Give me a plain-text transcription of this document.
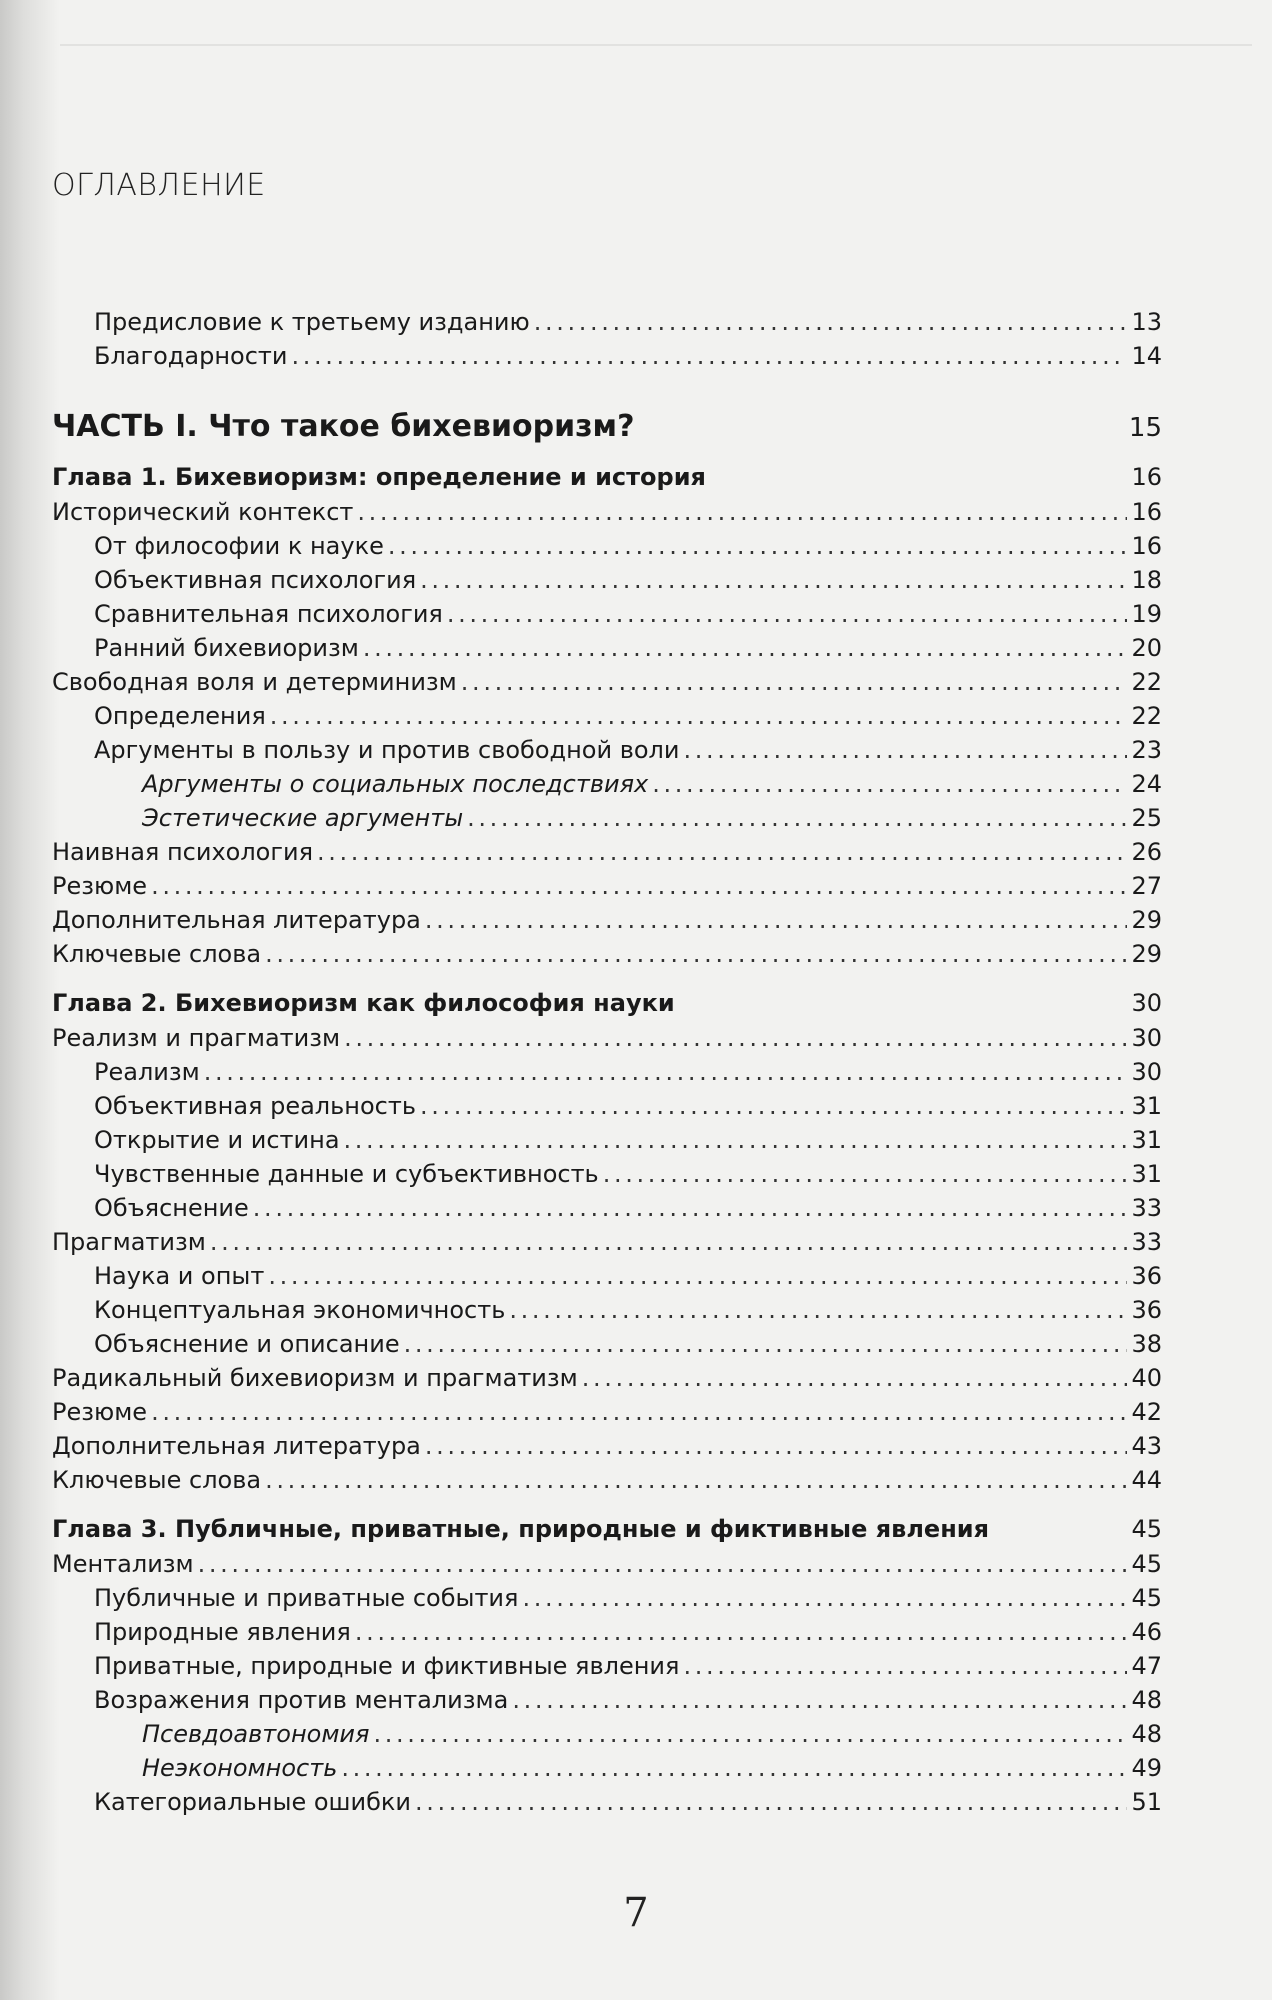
ОГЛАВЛЕНИЕ
Предисловие к третьему изданию . . .	13
Благодарности . . .	14
ЧАСТЬ I. Что такое бихевиоризм?	15
Глава 1. Бихевиоризм: определение и история	16
Исторический контекст . . .	16
От философии к науке . . .	16
Объективная психология . . .	18
Сравнительная психология . . .	19
Ранний бихевиоризм . . .	20
Свободная воля и детерминизм . . .	22
Определения . . .	22
Аргументы в пользу и против свободной воли . . .	23
Аргументы о социальных последствиях . . .	24
Эстетические аргументы . . .	25
Наивная психология . . .	26
Резюме . . .	27
Дополнительная литература . . .	29
Ключевые слова . . .	29
Глава 2. Бихевиоризм как философия науки	30
Реализм и прагматизм . . .	30
Реализм . . .	30
Объективная реальность . . .	31
Открытие и истина . . .	31
Чувственные данные и субъективность . . .	31
Объяснение . . .	33
Прагматизм . . .	33
Наука и опыт . . .	36
Концептуальная экономичность . . .	36
Объяснение и описание . . .	38
Радикальный бихевиоризм и прагматизм . . .	40
Резюме . . .	42
Дополнительная литература . . .	43
Ключевые слова . . .	44
Глава 3. Публичные, приватные, природные и фиктивные явления	45
Ментализм . . .	45
Публичные и приватные события . . .	45
Природные явления . . .	46
Приватные, природные и фиктивные явления . . .	47
Возражения против ментализма . . .	48
Псевдоавтономия . . .	48
Неэкономность . . .	49
Категориальные ошибки . . .	51
7
